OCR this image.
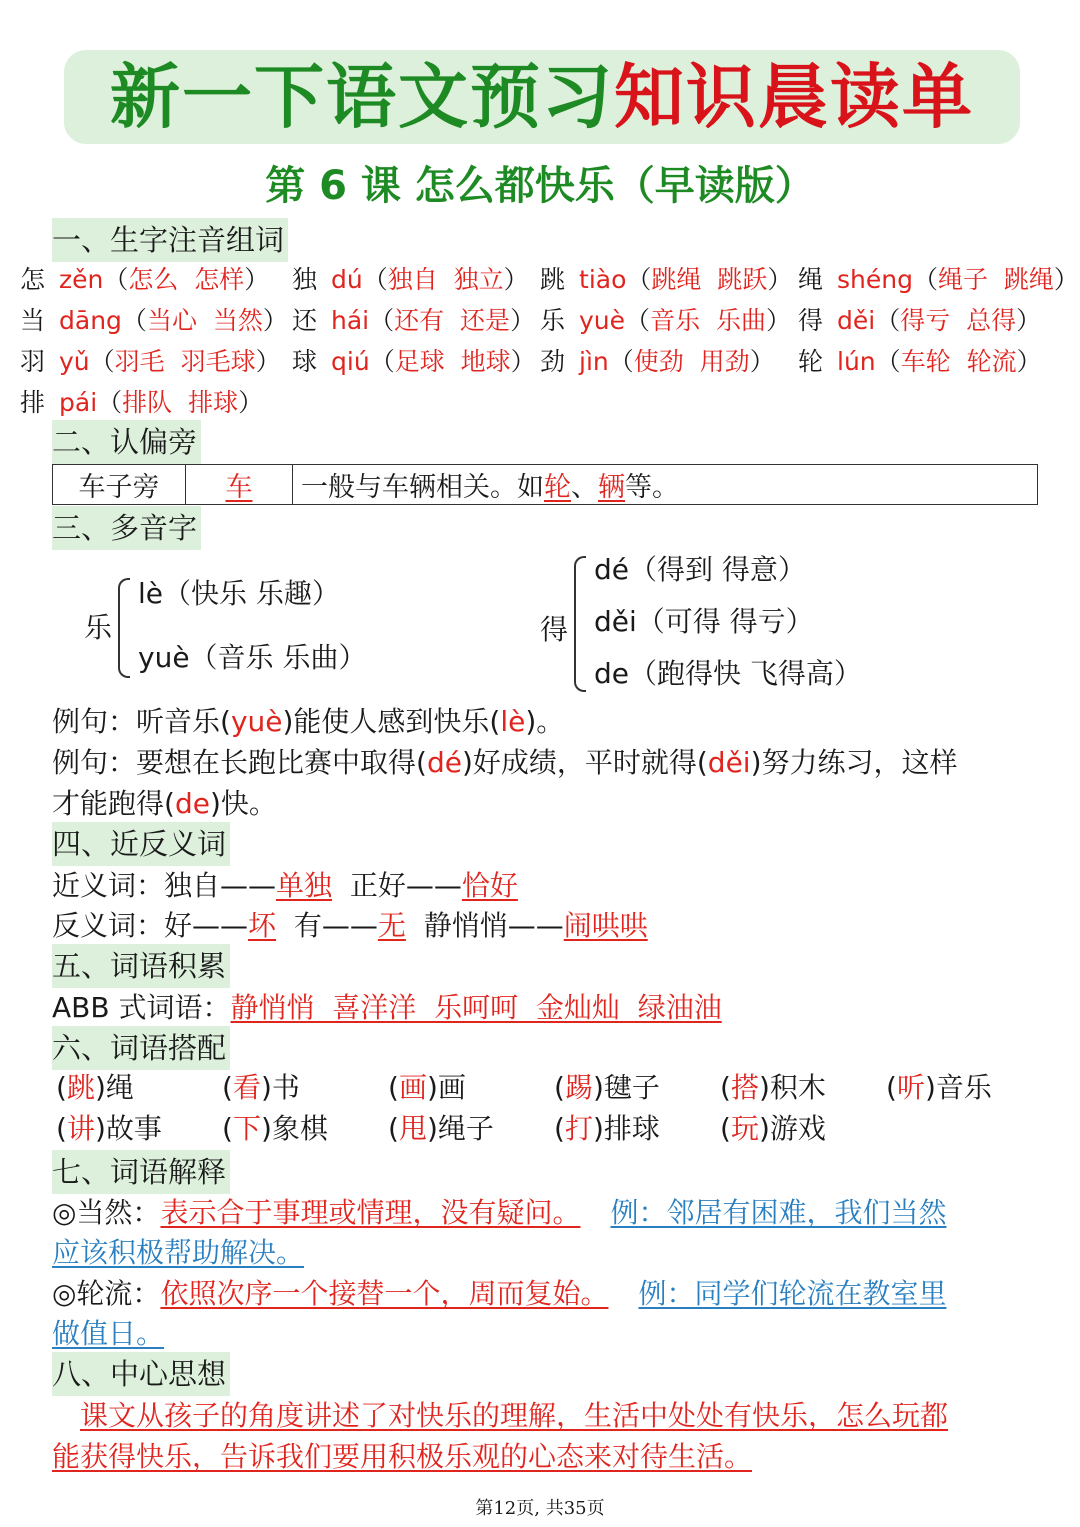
新一下语文预习知识晨读单
第 6 课 怎么都快乐（早读版）
一、生字注音组词
怎 zěn（怎么  怎样） 独 dú（独自  独立） 跳 tiào（跳绳  跳跃） 绳 shéng（绳子  跳绳）
当 dāng（当心  当然） 还 hái（还有  还是） 乐 yuè（音乐  乐曲） 得 děi（得亏  总得）
羽 yǔ（羽毛  羽毛球） 球 qiú（足球  地球） 劲 jìn（使劲  用劲） 轮 lún（车轮  轮流）
排 pái（排队  排球）
二、认偏旁
车子旁	车	一般与车辆相关。如轮、辆等。
三、多音字
乐
lè（快乐 乐趣）
yuè（音乐 乐曲）
得
dé（得到 得意）
děi（可得 得亏）
de（跑得快 飞得高）
例句：听音乐(yuè)能使人感到快乐(lè)。
例句：要想在长跑比赛中取得(dé)好成绩，平时就得(děi)努力练习，这样
才能跑得(de)快。
四、近反义词
近义词：独自——单独 正好——恰好
反义词：好——坏 有——无 静悄悄——闹哄哄
五、词语积累
ABB 式词语：静悄悄  喜洋洋  乐呵呵  金灿灿  绿油油
六、词语搭配
(跳)绳	(看)书	(画)画	(踢)毽子 (搭)积木 (听)音乐
(讲)故事 (下)象棋 (甩)绳子 (打)排球 (玩)游戏
七、词语解释
◎当然：表示合于事理或情理，没有疑问。 例：邻居有困难，我们当然
应该积极帮助解决。
◎轮流：依照次序一个接替一个，周而复始。 例：同学们轮流在教室里
做值日。
八、中心思想
课文从孩子的角度讲述了对快乐的理解，生活中处处有快乐，怎么玩都
能获得快乐，告诉我们要用积极乐观的心态来对待生活。
第12页, 共35页
